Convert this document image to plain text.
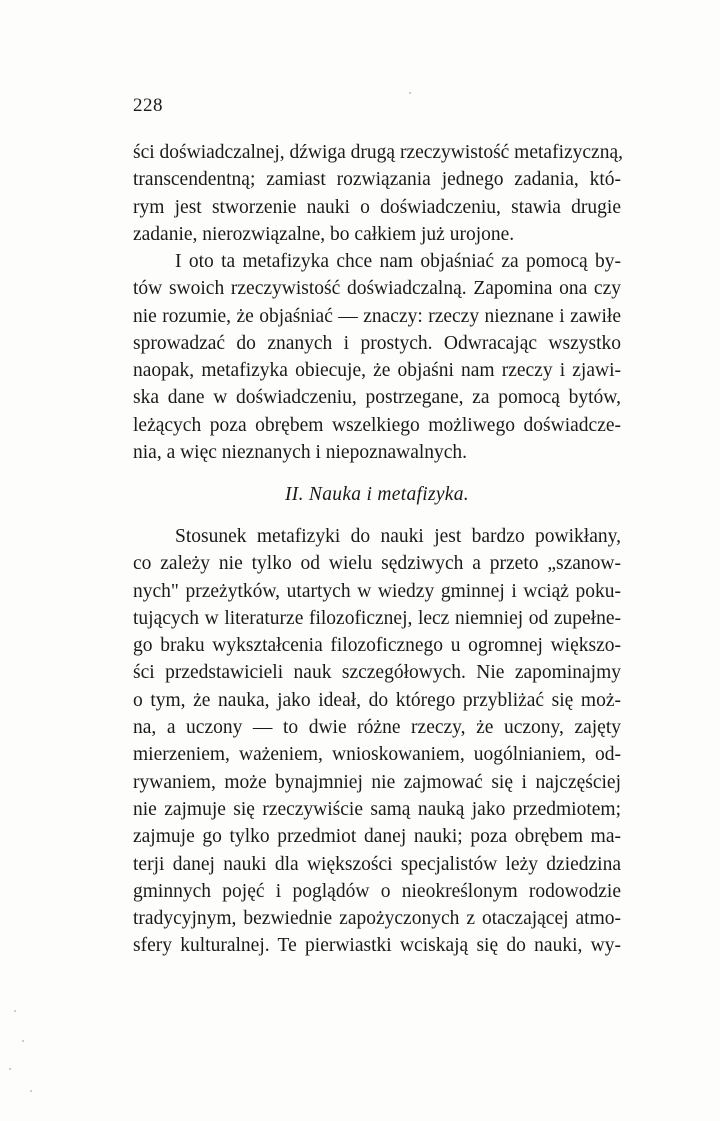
228
ści doświadczalnej, dźwiga drugą rzeczywistość metafizyczną,
transcendentną; zamiast rozwiązania jednego zadania, któ-
rym jest stworzenie nauki o doświadczeniu, stawia drugie
zadanie, nierozwiązalne, bo całkiem już urojone.
I oto ta metafizyka chce nam objaśniać za pomocą by-
tów swoich rzeczywistość doświadczalną. Zapomina ona czy
nie rozumie, że objaśniać — znaczy: rzeczy nieznane i zawiłe
sprowadzać do znanych i prostych. Odwracając wszystko
naopak, metafizyka obiecuje, że objaśni nam rzeczy i zjawi-
ska dane w doświadczeniu, postrzegane, za pomocą bytów,
leżących poza obrębem wszelkiego możliwego doświadcze-
nia, a więc nieznanych i niepoznawalnych.
II. Nauka i metafizyka.
Stosunek metafizyki do nauki jest bardzo powikłany,
co zależy nie tylko od wielu sędziwych a przeto „szanow-
nych" przeżytków, utartych w wiedzy gminnej i wciąż poku-
tujących w literaturze filozoficznej, lecz niemniej od zupełne-
go braku wykształcenia filozoficznego u ogromnej większo-
ści przedstawicieli nauk szczegółowych. Nie zapominajmy
o tym, że nauka, jako ideał, do którego przybliżać się moż-
na, a uczony — to dwie różne rzeczy, że uczony, zajęty
mierzeniem, ważeniem, wnioskowaniem, uogólnianiem, od-
rywaniem, może bynajmniej nie zajmować się i najczęściej
nie zajmuje się rzeczywiście samą nauką jako przedmiotem;
zajmuje go tylko przedmiot danej nauki; poza obrębem ma-
terji danej nauki dla większości specjalistów leży dziedzina
gminnych pojęć i poglądów o nieokreślonym rodowodzie
tradycyjnym, bezwiednie zapożyczonych z otaczającej atmo-
sfery kulturalnej. Te pierwiastki wciskają się do nauki, wy-
